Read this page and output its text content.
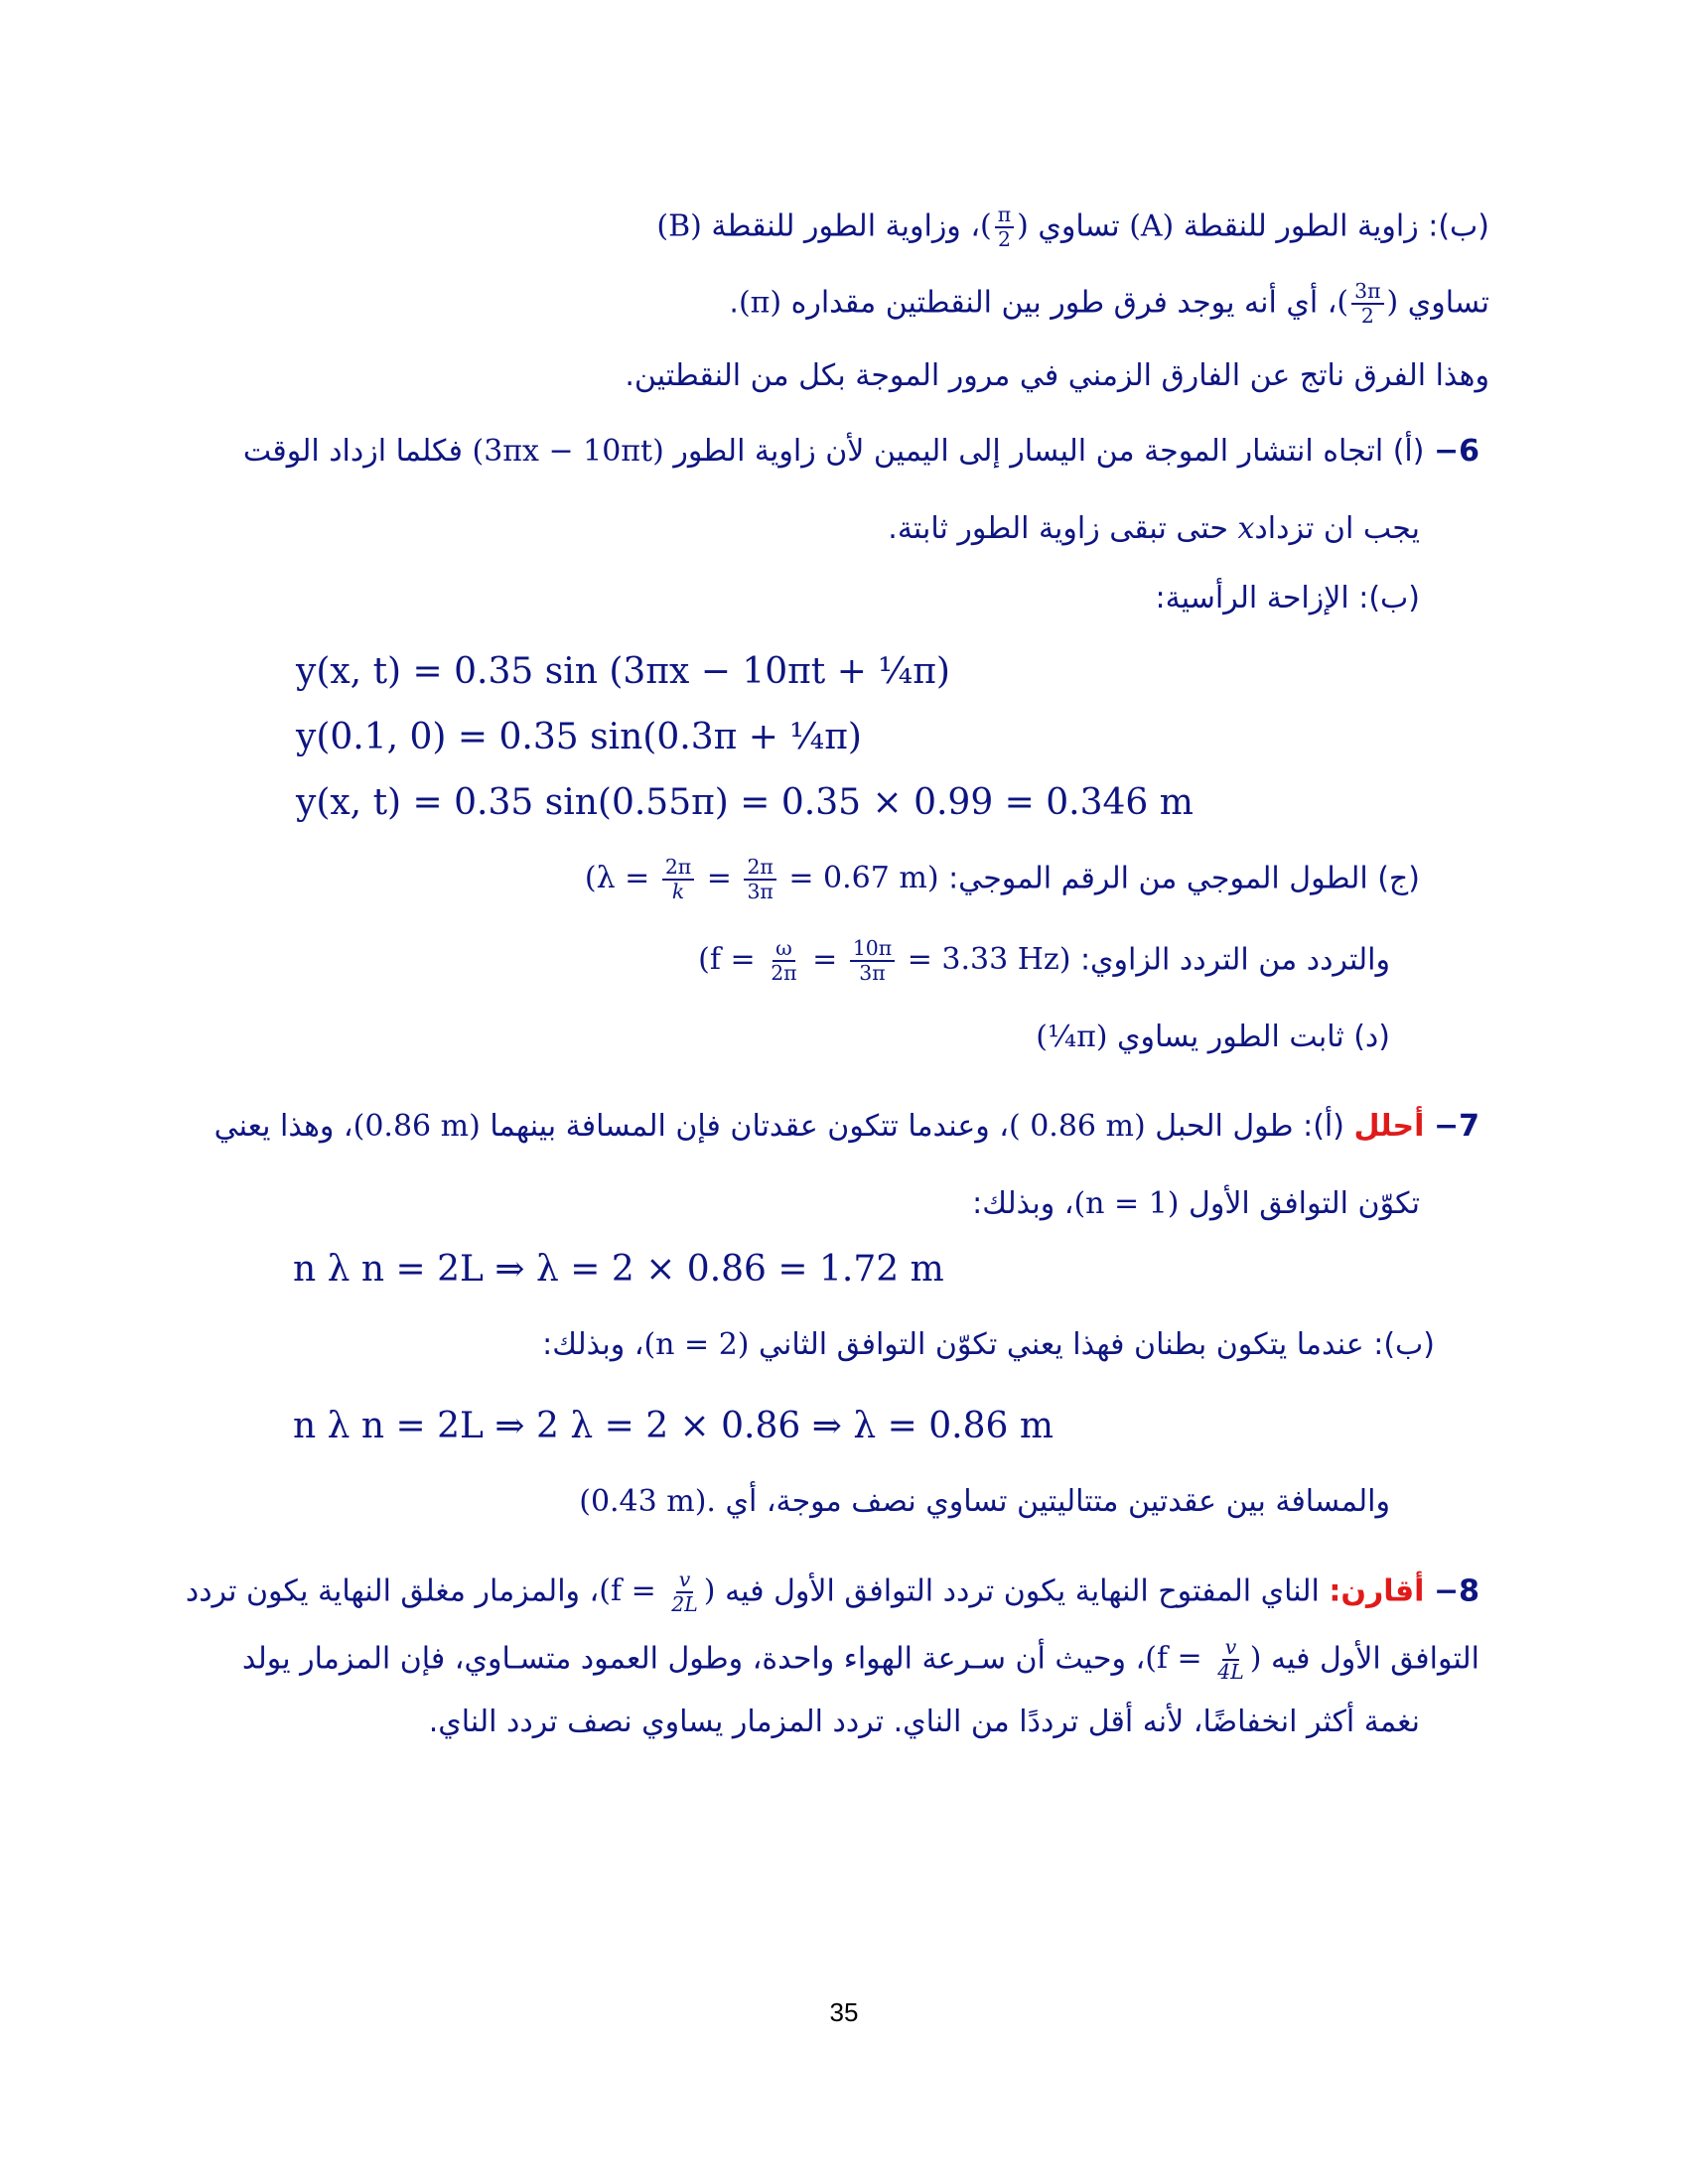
(ب): زاوية الطور للنقطة (A) تساوي ( $\frac{\pi}{2}$ )، وزاوية الطور للنقطة (B)
تساوي ( $\frac{3\pi}{2}$ )، أي أنه يوجد فرق طور بين النقطتين مقداره (π).
وهذا الفرق ناتج عن الفارق الزمني في مرور الموجة بكل من النقطتين.
6− (أ) اتجاه انتشار الموجة من اليسار إلى اليمين لأن زاوية الطور (3πx − 10πt) فكلما ازداد الوقت
يجب ان تزدادx حتى تبقى زاوية الطور ثابتة.
(ب): الإزاحة الرأسية:
y(x, t) = 0.35 sin (3πx − 10πt + ¼π)
y(0.1, 0) = 0.35 sin(0.3π + ¼π)
y(x, t) = 0.35 sin(0.55π) = 0.35 × 0.99 = 0.346 m
(ج) الطول الموجي من الرقم الموجي: ($\lambda = \frac{2\pi}{k} = \frac{2\pi}{3\pi} = 0.67$ m)
والتردد من التردد الزاوي: ($f = \frac{\omega}{2\pi} = \frac{10\pi}{3\pi} = 3.33$ Hz)
(د) ثابت الطور يساوي (¼π)
7− أحلل (أ): طول الحبل ( 0.86 m)، وعندما تتكون عقدتان فإن المسافة بينهما (0.86 m)، وهذا يعني
تكوّن التوافق الأول (n = 1)، وبذلك:
n λ n = 2L ⇒ λ = 2 × 0.86 = 1.72 m
(ب): عندما يتكون بطنان فهذا يعني تكوّن التوافق الثاني (n = 2)، وبذلك:
n λ n = 2L ⇒ 2 λ = 2 × 0.86 ⇒ λ = 0.86 m
والمسافة بين عقدتين متتاليتين تساوي نصف موجة، أي (0.43 m).
8− أقارن: الناي المفتوح النهاية يكون تردد التوافق الأول فيه ($f = \frac{v}{2L}$ )، والمزمار مغلق النهاية يكون تردد
التوافق الأول فيه ($f = \frac{v}{4L}$ )، وحيث أن سـرعة الهواء واحدة، وطول العمود متسـاوي، فإن المزمار يولد
نغمة أكثر انخفاضًا، لأنه أقل ترددًا من الناي. تردد المزمار يساوي نصف تردد الناي.
35
